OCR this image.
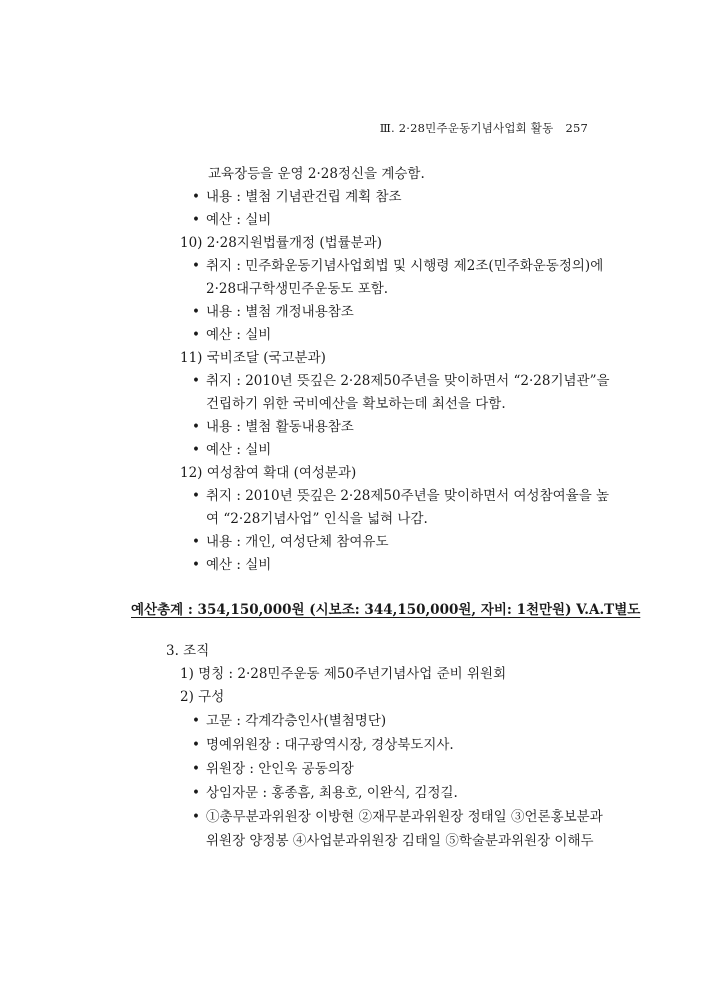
Ⅲ. 2·28민주운동기념사업회 활동 257
교육장등을 운영 2·28정신을 계승함.
• 내용 : 별첨 기념관건립 계획 참조
• 예산 : 실비
10) 2·28지원법률개정 (법률분과)
• 취지 : 민주화운동기념사업회법 및 시행령 제2조(민주화운동정의)에
2·28대구학생민주운동도 포함.
• 내용 : 별첨 개정내용참조
• 예산 : 실비
11) 국비조달 (국고분과)
• 취지 : 2010년 뜻깊은 2·28제50주년을 맞이하면서 “2·28기념관”을
건립하기 위한 국비예산을 확보하는데 최선을 다함.
• 내용 : 별첨 활동내용참조
• 예산 : 실비
12) 여성참여 확대 (여성분과)
• 취지 : 2010년 뜻깊은 2·28제50주년을 맞이하면서 여성참여율을 높
여 “2·28기념사업” 인식을 넓혀 나감.
• 내용 : 개인, 여성단체 참여유도
• 예산 : 실비
예산총계 : 354,150,000원 (시보조: 344,150,000원, 자비: 1천만원) V.A.T별도
3. 조직
1) 명칭 : 2·28민주운동 제50주년기념사업 준비 위원회
2) 구성
• 고문 : 각계각층인사(별첨명단)
• 명예위원장 : 대구광역시장, 경상북도지사.
• 위원장 : 안인욱 공동의장
• 상임자문 : 홍종흠, 최용호, 이완식, 김정길.
• ①총무분과위원장 이방현 ②재무분과위원장 정태일 ③언론홍보분과
위원장 양정봉 ④사업분과위원장 김태일 ⑤학술분과위원장 이해두
